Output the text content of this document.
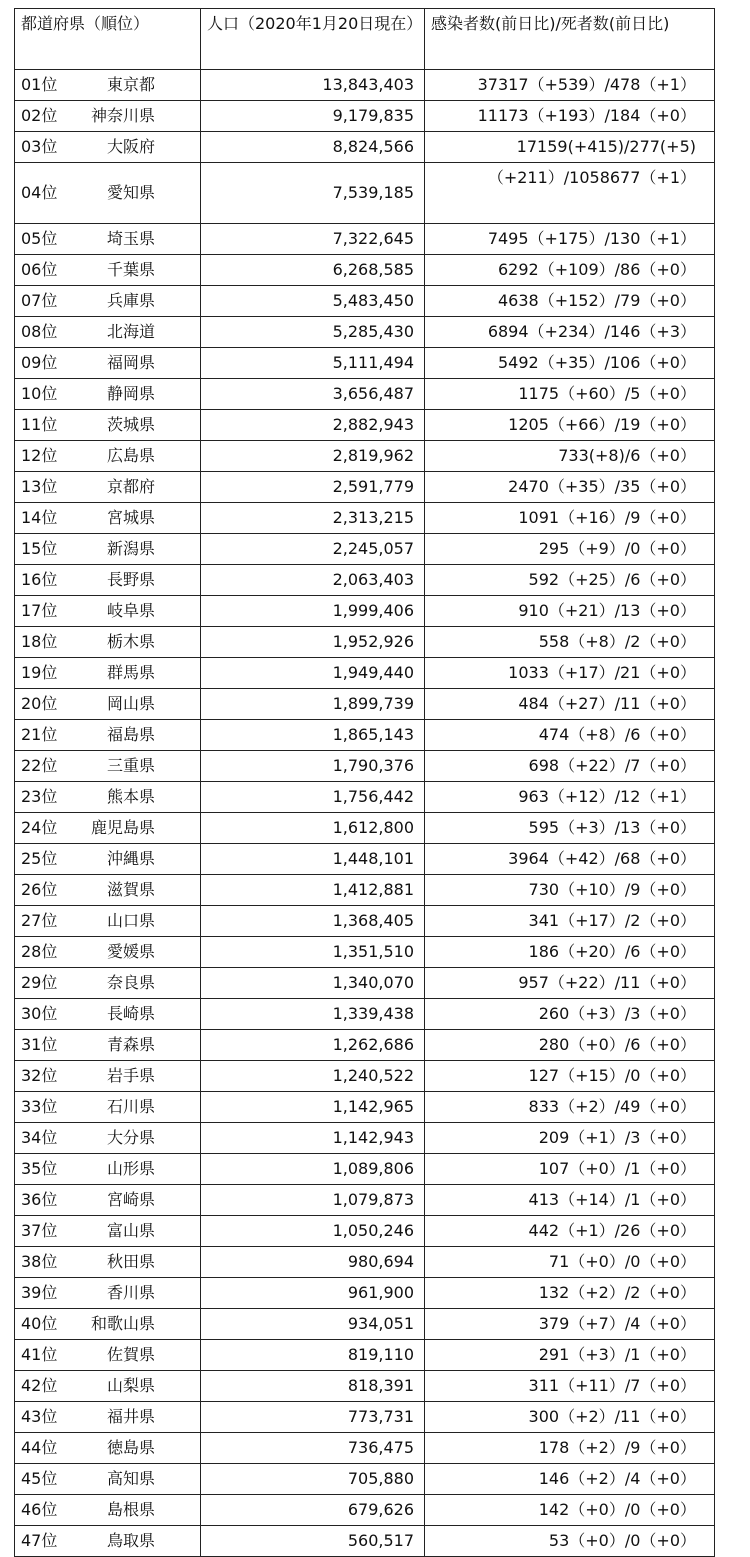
都道府県（順位）	人口（2020年1月20日現在）	感染者数(前日比)/死者数(前日比)
01位 東京都	13,843,403	37317（+539）/478（+1）
02位 神奈川県	9,179,835	11173（+193）/184（+0）
03位 大阪府	8,824,566	17159(+415)/277(+5)
04位 愛知県	7,539,185	（+211）/1058677（+1）
05位 埼玉県	7,322,645	7495（+175）/130（+1）
06位 千葉県	6,268,585	6292（+109）/86（+0）
07位 兵庫県	5,483,450	4638（+152）/79（+0）
08位 北海道	5,285,430	6894（+234）/146（+3）
09位 福岡県	5,111,494	5492（+35）/106（+0）
10位 静岡県	3,656,487	1175（+60）/5（+0）
11位 茨城県	2,882,943	1205（+66）/19（+0）
12位 広島県	2,819,962	733(+8)/6（+0）
13位 京都府	2,591,779	2470（+35）/35（+0）
14位 宮城県	2,313,215	1091（+16）/9（+0）
15位 新潟県	2,245,057	295（+9）/0（+0）
16位 長野県	2,063,403	592（+25）/6（+0）
17位 岐阜県	1,999,406	910（+21）/13（+0）
18位 栃木県	1,952,926	558（+8）/2（+0）
19位 群馬県	1,949,440	1033（+17）/21（+0）
20位 岡山県	1,899,739	484（+27）/11（+0）
21位 福島県	1,865,143	474（+8）/6（+0）
22位 三重県	1,790,376	698（+22）/7（+0）
23位 熊本県	1,756,442	963（+12）/12（+1）
24位 鹿児島県	1,612,800	595（+3）/13（+0）
25位 沖縄県	1,448,101	3964（+42）/68（+0）
26位 滋賀県	1,412,881	730（+10）/9（+0）
27位 山口県	1,368,405	341（+17）/2（+0）
28位 愛媛県	1,351,510	186（+20）/6（+0）
29位 奈良県	1,340,070	957（+22）/11（+0）
30位 長崎県	1,339,438	260（+3）/3（+0）
31位 青森県	1,262,686	280（+0）/6（+0）
32位 岩手県	1,240,522	127（+15）/0（+0）
33位 石川県	1,142,965	833（+2）/49（+0）
34位 大分県	1,142,943	209（+1）/3（+0）
35位 山形県	1,089,806	107（+0）/1（+0）
36位 宮崎県	1,079,873	413（+14）/1（+0）
37位 富山県	1,050,246	442（+1）/26（+0）
38位 秋田県	980,694	71（+0）/0（+0）
39位 香川県	961,900	132（+2）/2（+0）
40位 和歌山県	934,051	379（+7）/4（+0）
41位 佐賀県	819,110	291（+3）/1（+0）
42位 山梨県	818,391	311（+11）/7（+0）
43位 福井県	773,731	300（+2）/11（+0）
44位 徳島県	736,475	178（+2）/9（+0）
45位 高知県	705,880	146（+2）/4（+0）
46位 島根県	679,626	142（+0）/0（+0）
47位 鳥取県	560,517	53（+0）/0（+0）
